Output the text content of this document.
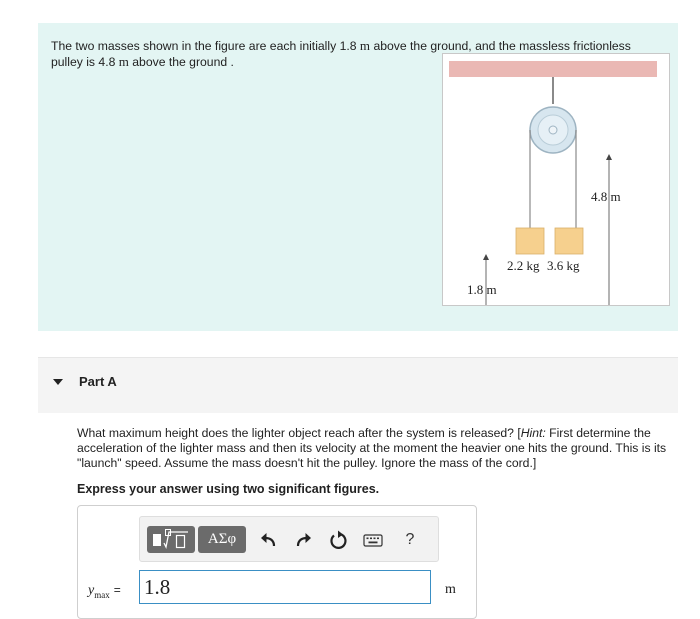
The two masses shown in the figure are each initially 1.8 m above the ground, and the massless frictionless pulley is 4.8 m above the ground .
2.2 kg 3.6 kg
1.8 m
4.8 m
Part A
What maximum height does the lighter object reach after the system is released? [Hint: First determine the acceleration of the lighter mass and then its velocity at the moment the heavier one hits the ground. This is its "launch" speed. Assume the mass doesn't hit the pulley. Ignore the mass of the cord.]
Express your answer using two significant figures.
ΑΣφ	?
$y_{max} = 1.8$	m
